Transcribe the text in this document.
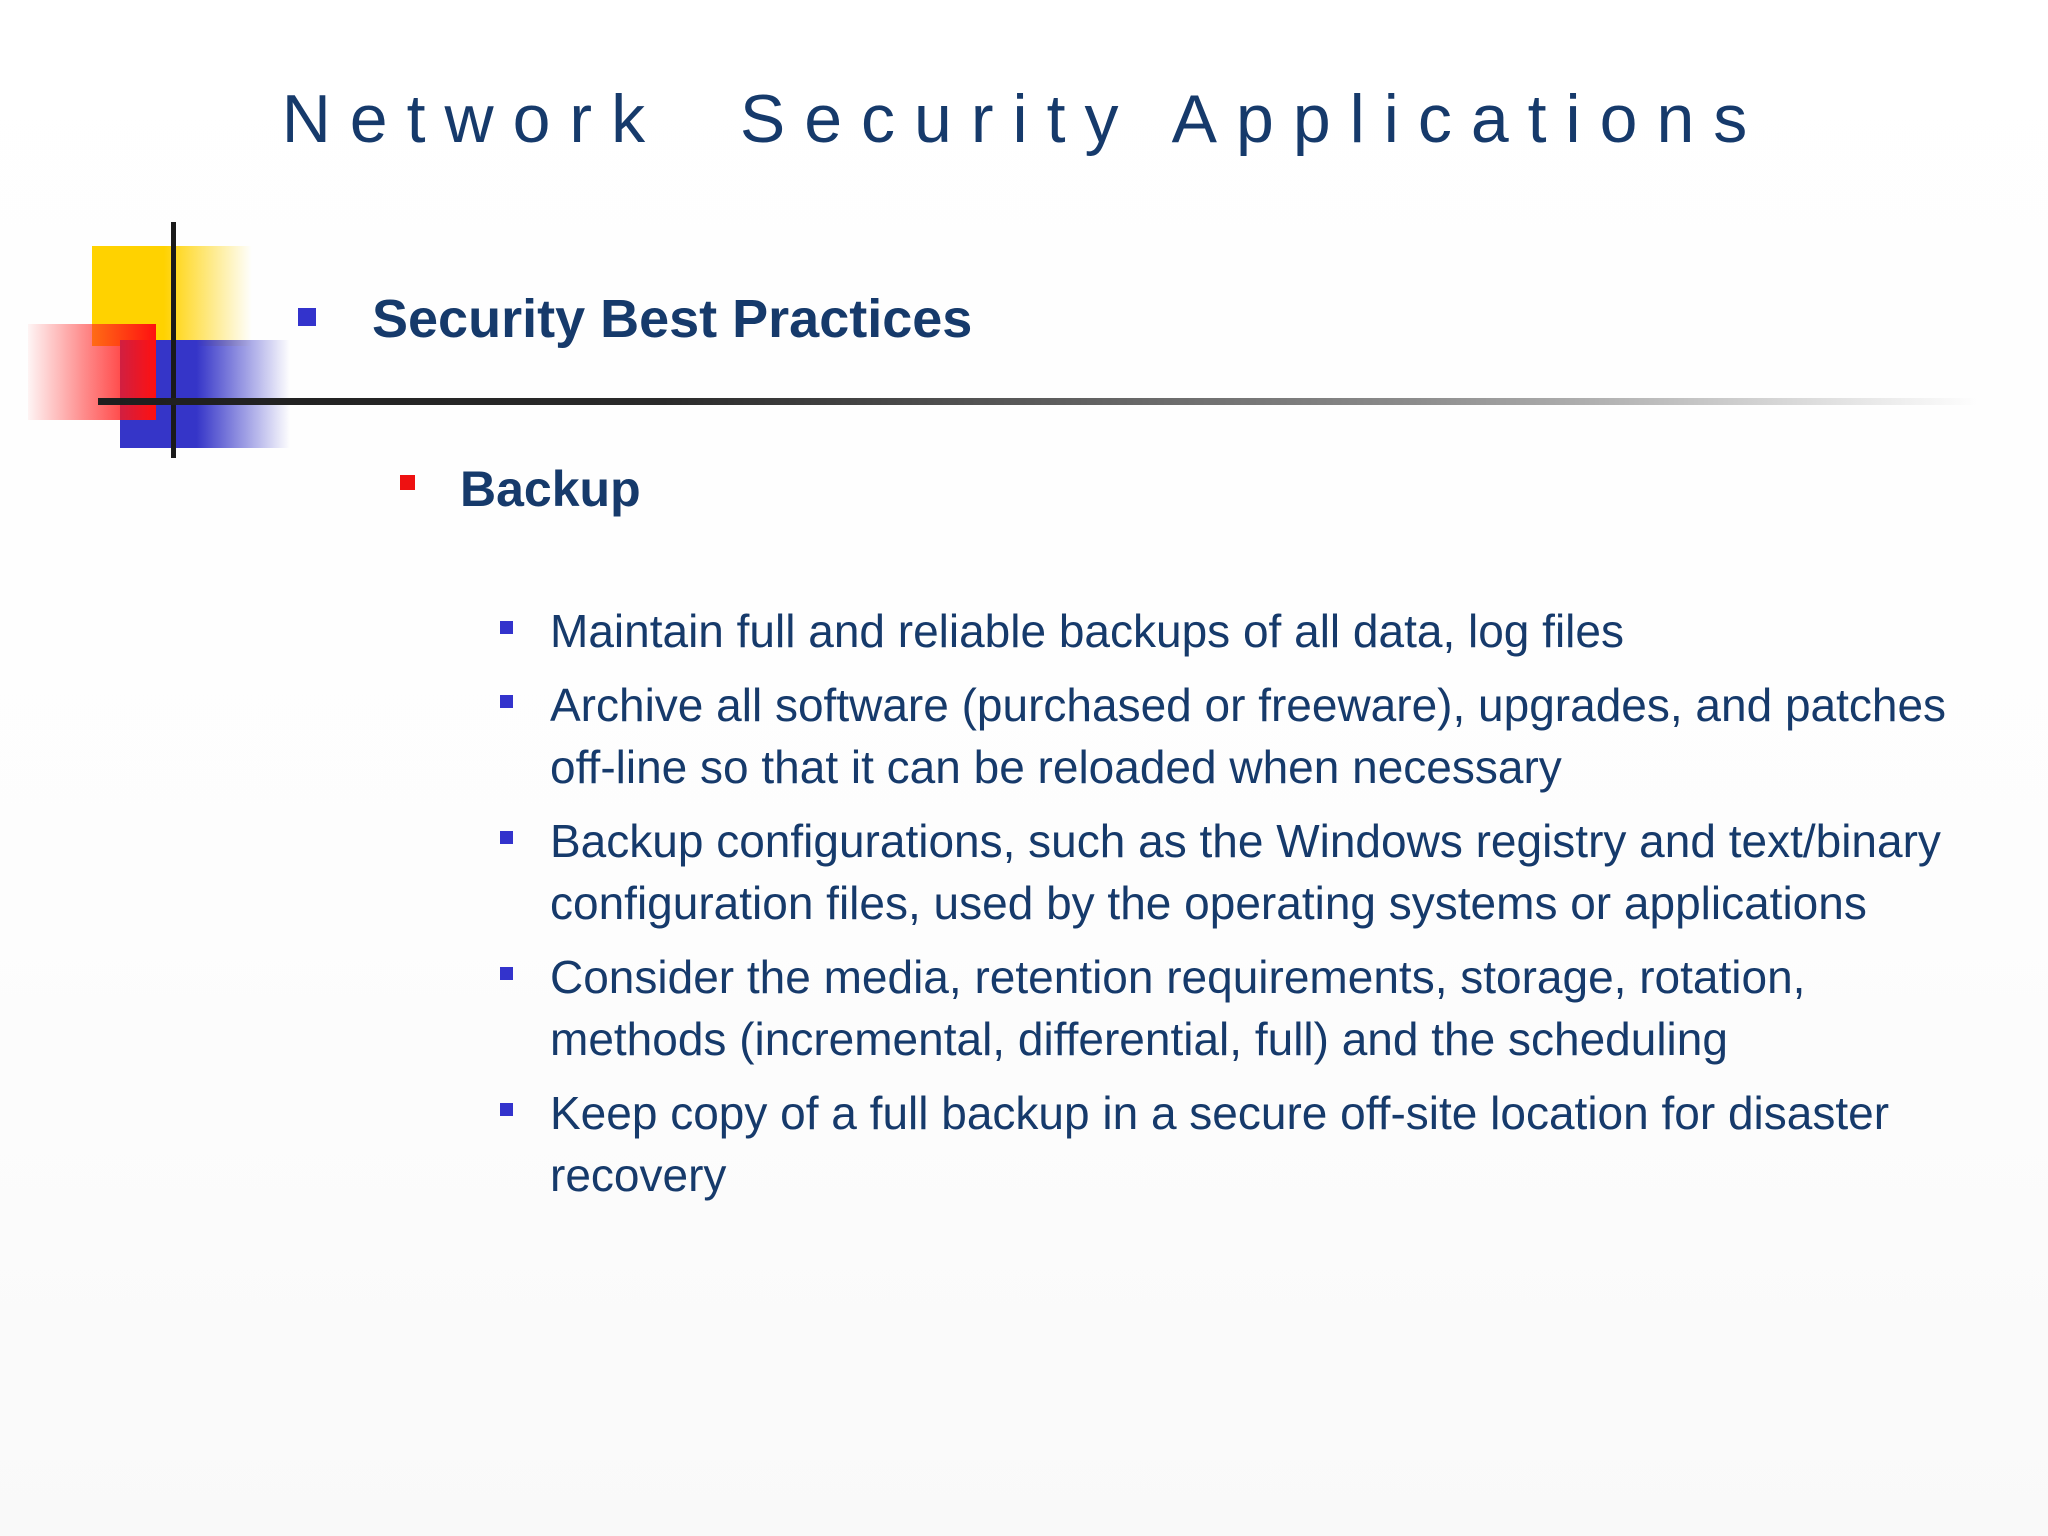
Network  Security Applications
Security Best Practices
Backup
Maintain full and reliable backups of all data, log files
Archive all software (purchased or freeware), upgrades, and patches off-line so that it can be reloaded when necessary
Backup configurations, such as the Windows registry and text/binary configuration files, used by the operating systems or applications
Consider the media, retention requirements, storage, rotation, methods (incremental, differential, full) and the scheduling
Keep copy of a full backup in a secure off-site location for disaster recovery
